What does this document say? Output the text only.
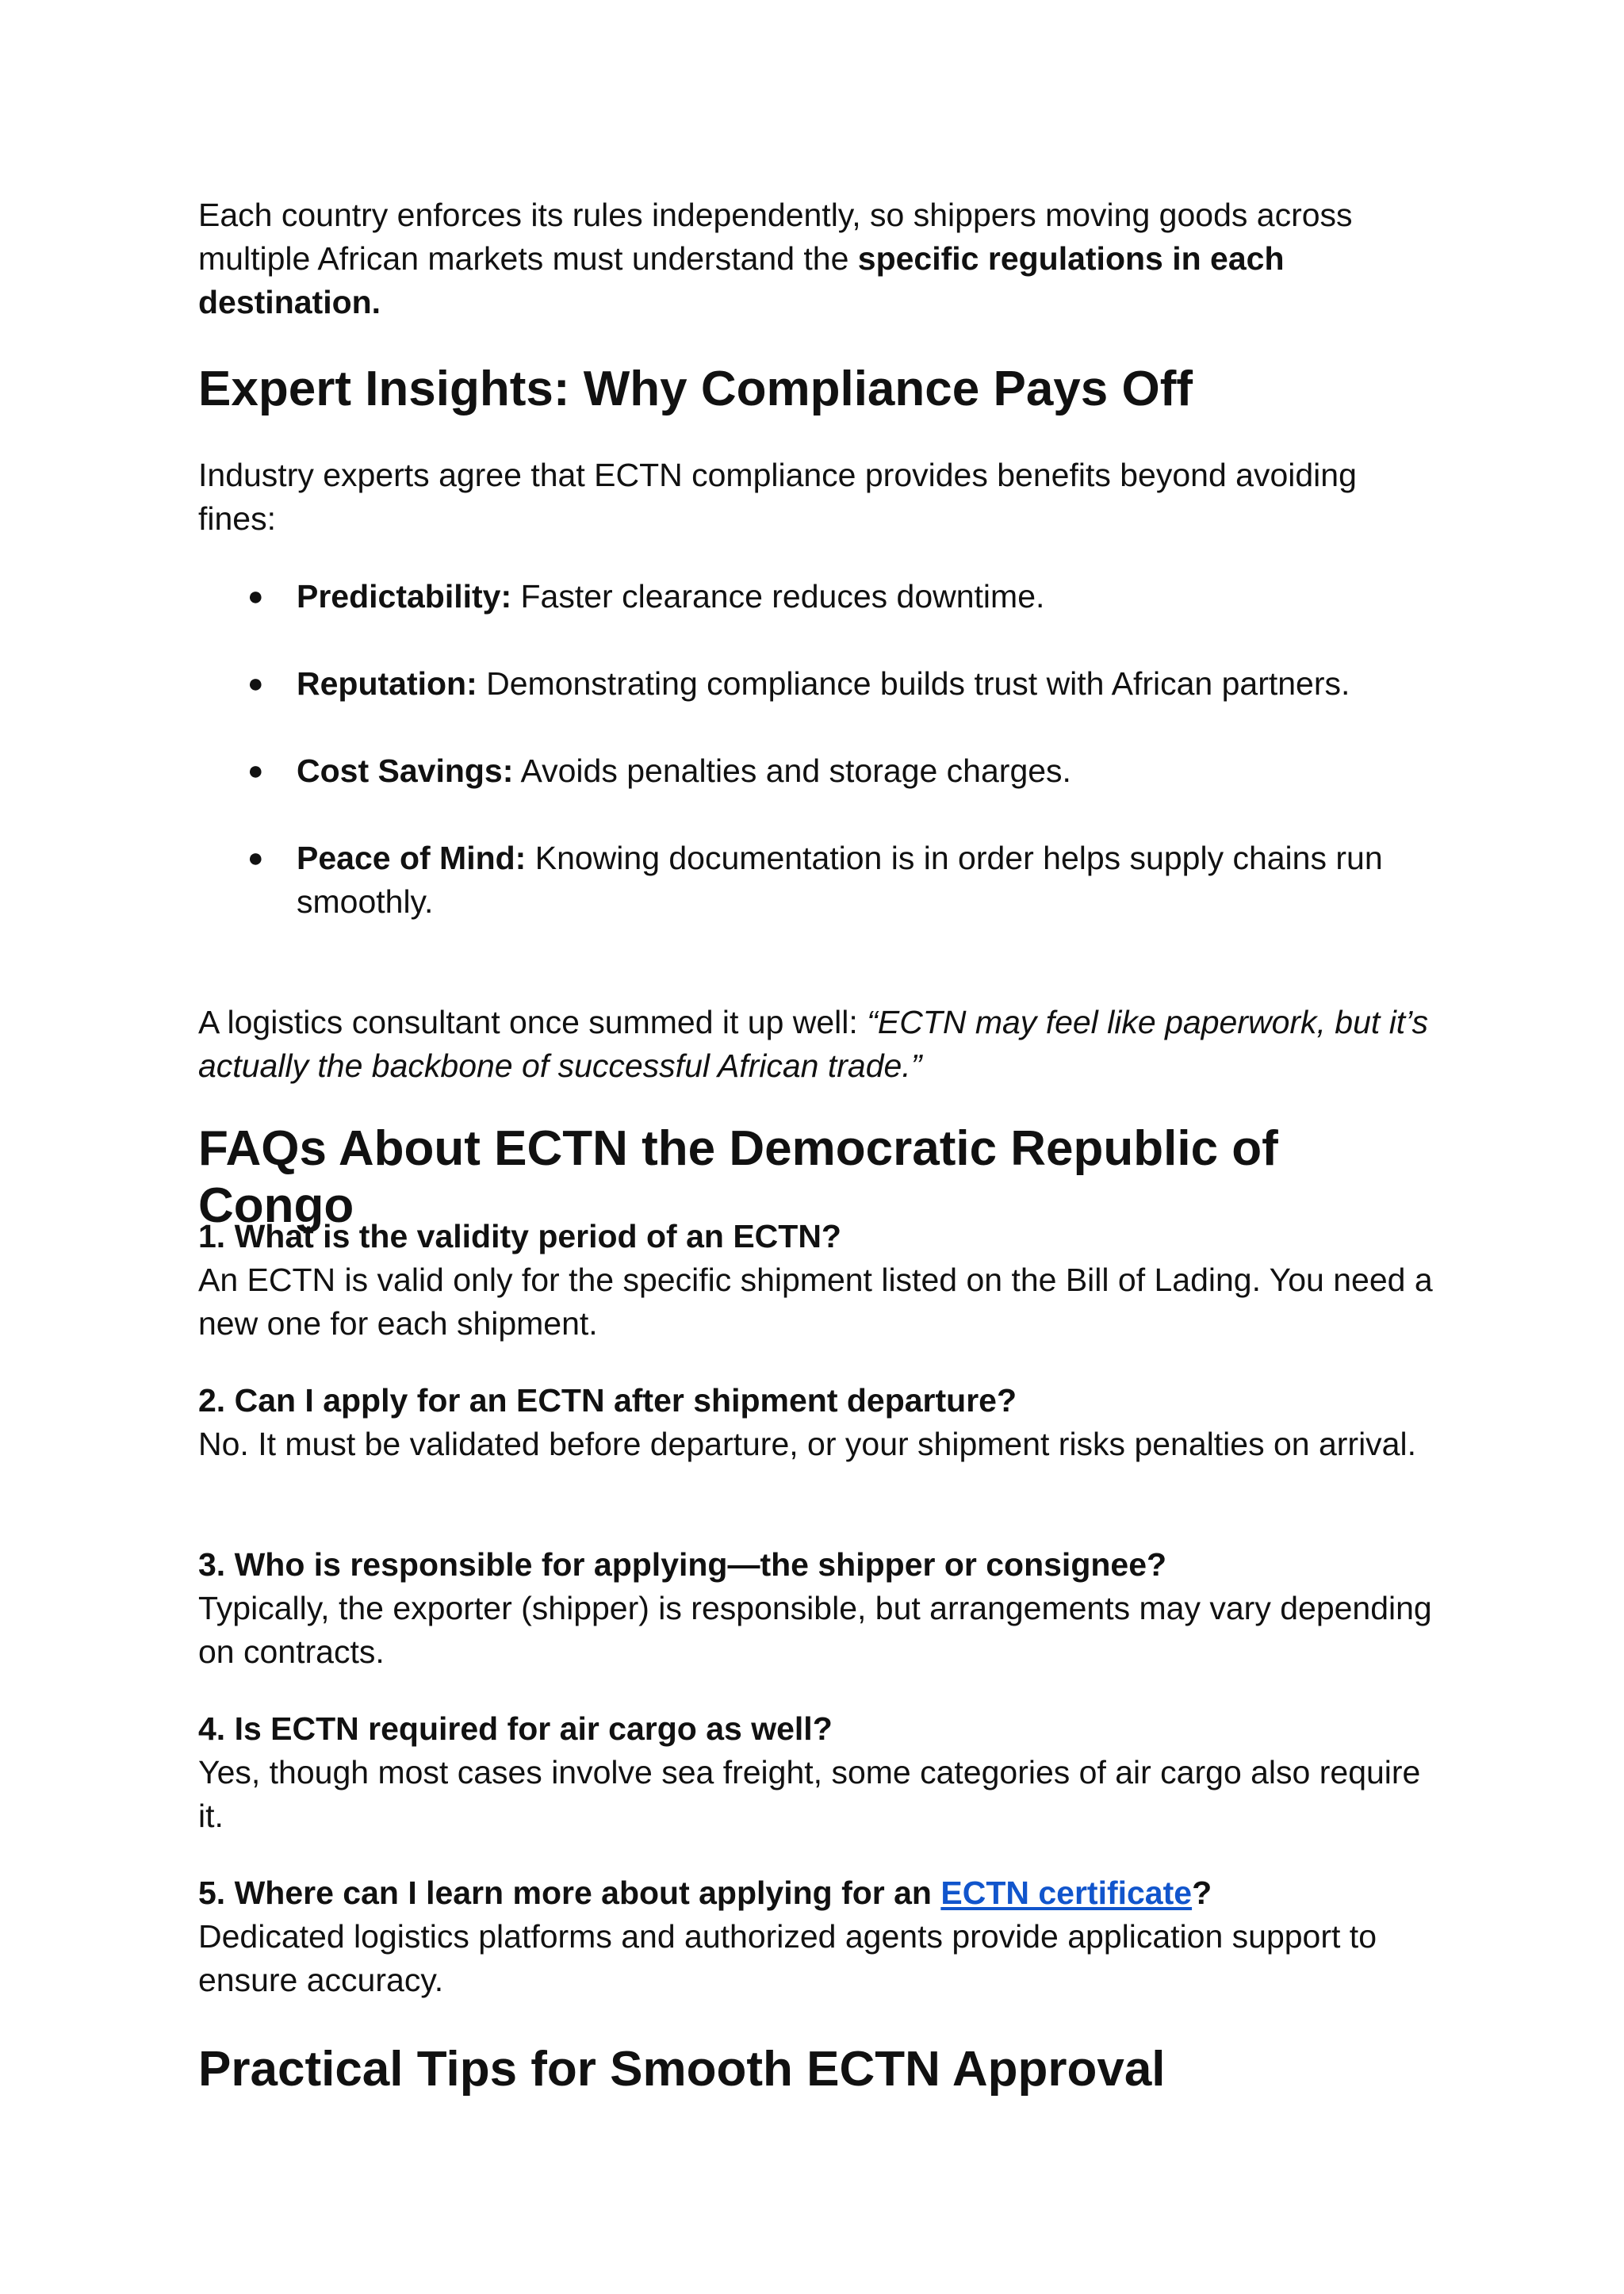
Each country enforces its rules independently, so shippers moving goods across multiple African markets must understand the specific regulations in each destination.

Expert Insights: Why Compliance Pays Off

Industry experts agree that ECTN compliance provides benefits beyond avoiding fines:

● Predictability: Faster clearance reduces downtime.

● Reputation: Demonstrating compliance builds trust with African partners.

● Cost Savings: Avoids penalties and storage charges.

● Peace of Mind: Knowing documentation is in order helps supply chains run smoothly.

A logistics consultant once summed it up well: “ECTN may feel like paperwork, but it’s actually the backbone of successful African trade.”

FAQs About ECTN the Democratic Republic of Congo
1. What is the validity period of an ECTN?
An ECTN is valid only for the specific shipment listed on the Bill of Lading. You need a new one for each shipment.
2. Can I apply for an ECTN after shipment departure?
No. It must be validated before departure, or your shipment risks penalties on arrival.
3. Who is responsible for applying—the shipper or consignee?
Typically, the exporter (shipper) is responsible, but arrangements may vary depending on contracts.
4. Is ECTN required for air cargo as well?
Yes, though most cases involve sea freight, some categories of air cargo also require it.
5. Where can I learn more about applying for an ECTN certificate?
Dedicated logistics platforms and authorized agents provide application support to ensure accuracy.
Practical Tips for Smooth ECTN Approval
